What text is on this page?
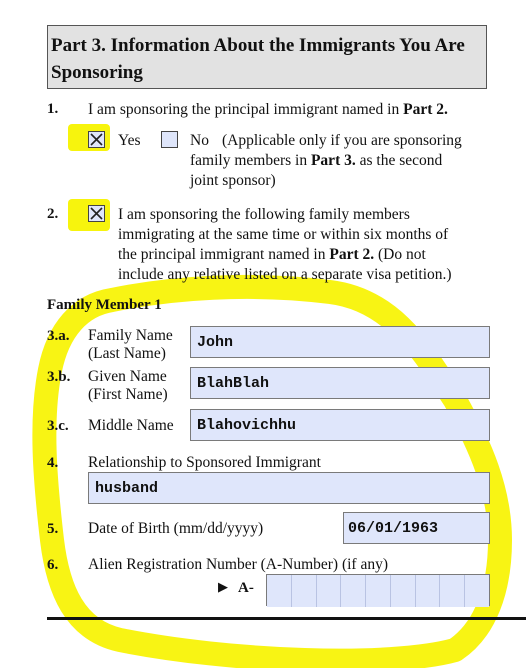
Part 3. Information About the Immigrants You Are Sponsoring
1. I am sponsoring the principal immigrant named in Part 2.
Yes	No (Applicable only if you are sponsoring
family members in Part 3. as the second
joint sponsor)
2.	I am sponsoring the following family members
immigrating at the same time or within six months of
the principal immigrant named in Part 2. (Do not
include any relative listed on a separate visa petition.)
Family Member 1
3.a. Family Name
(Last Name)
John
3.b. Given Name
(First Name)
BlahBlah
3.c. Middle Name	Blahovichhu
4. Relationship to Sponsored Immigrant
husband
5. Date of Birth (mm/dd/yyyy)	06/01/1963
6. Alien Registration Number (A-Number) (if any)
▶ A-
